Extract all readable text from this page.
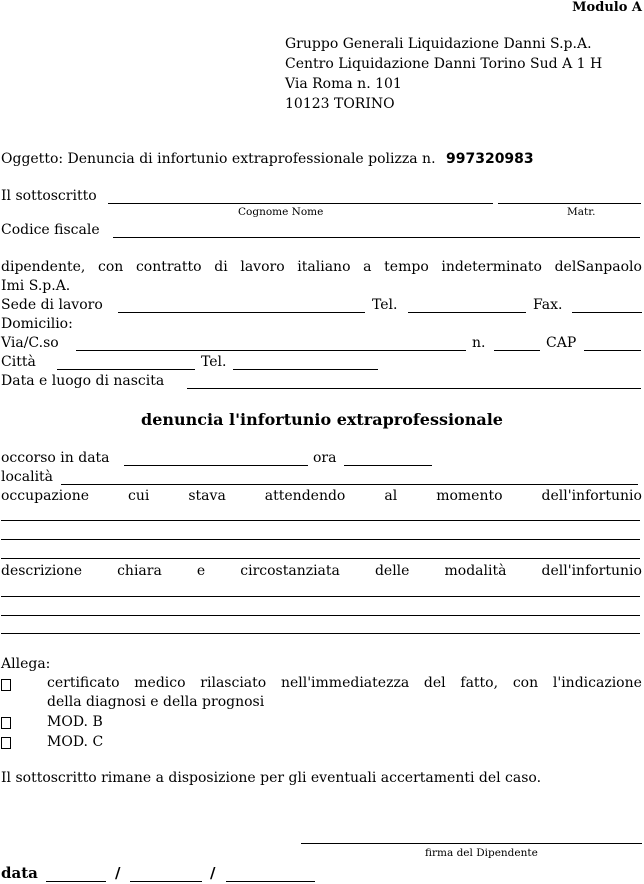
Modulo A
Gruppo Generali Liquidazione Danni S.p.A.
Centro Liquidazione Danni Torino Sud A 1 H
Via Roma n. 101
10123 TORINO
Oggetto: Denuncia di infortunio extraprofessionale polizza n. 997320983
Il sottoscritto
Cognome Nome	Matr.
Codice fiscale
dipendente, con contratto di lavoro italiano a tempo indeterminato delSanpaolo
Imi S.p.A.
Sede di lavoro	Tel.	Fax.
Domicilio:
Via/C.so	n.	CAP
Città	Tel.
Data e luogo di nascita
denuncia l'infortunio extraprofessionale
occorso in data	ora
località
occupazione	cui	stava	attendendo	al	momento	dell'infortunio
descrizione	chiara	e	circostanziata	delle	modalità	dell'infortunio
Allega:
certificato medico rilasciato nell'immediatezza del fatto, con l'indicazione
della diagnosi e della prognosi
MOD. B
MOD. C
Il sottoscritto rimane a disposizione per gli eventuali accertamenti del caso.
firma del Dipendente
data	/	/
